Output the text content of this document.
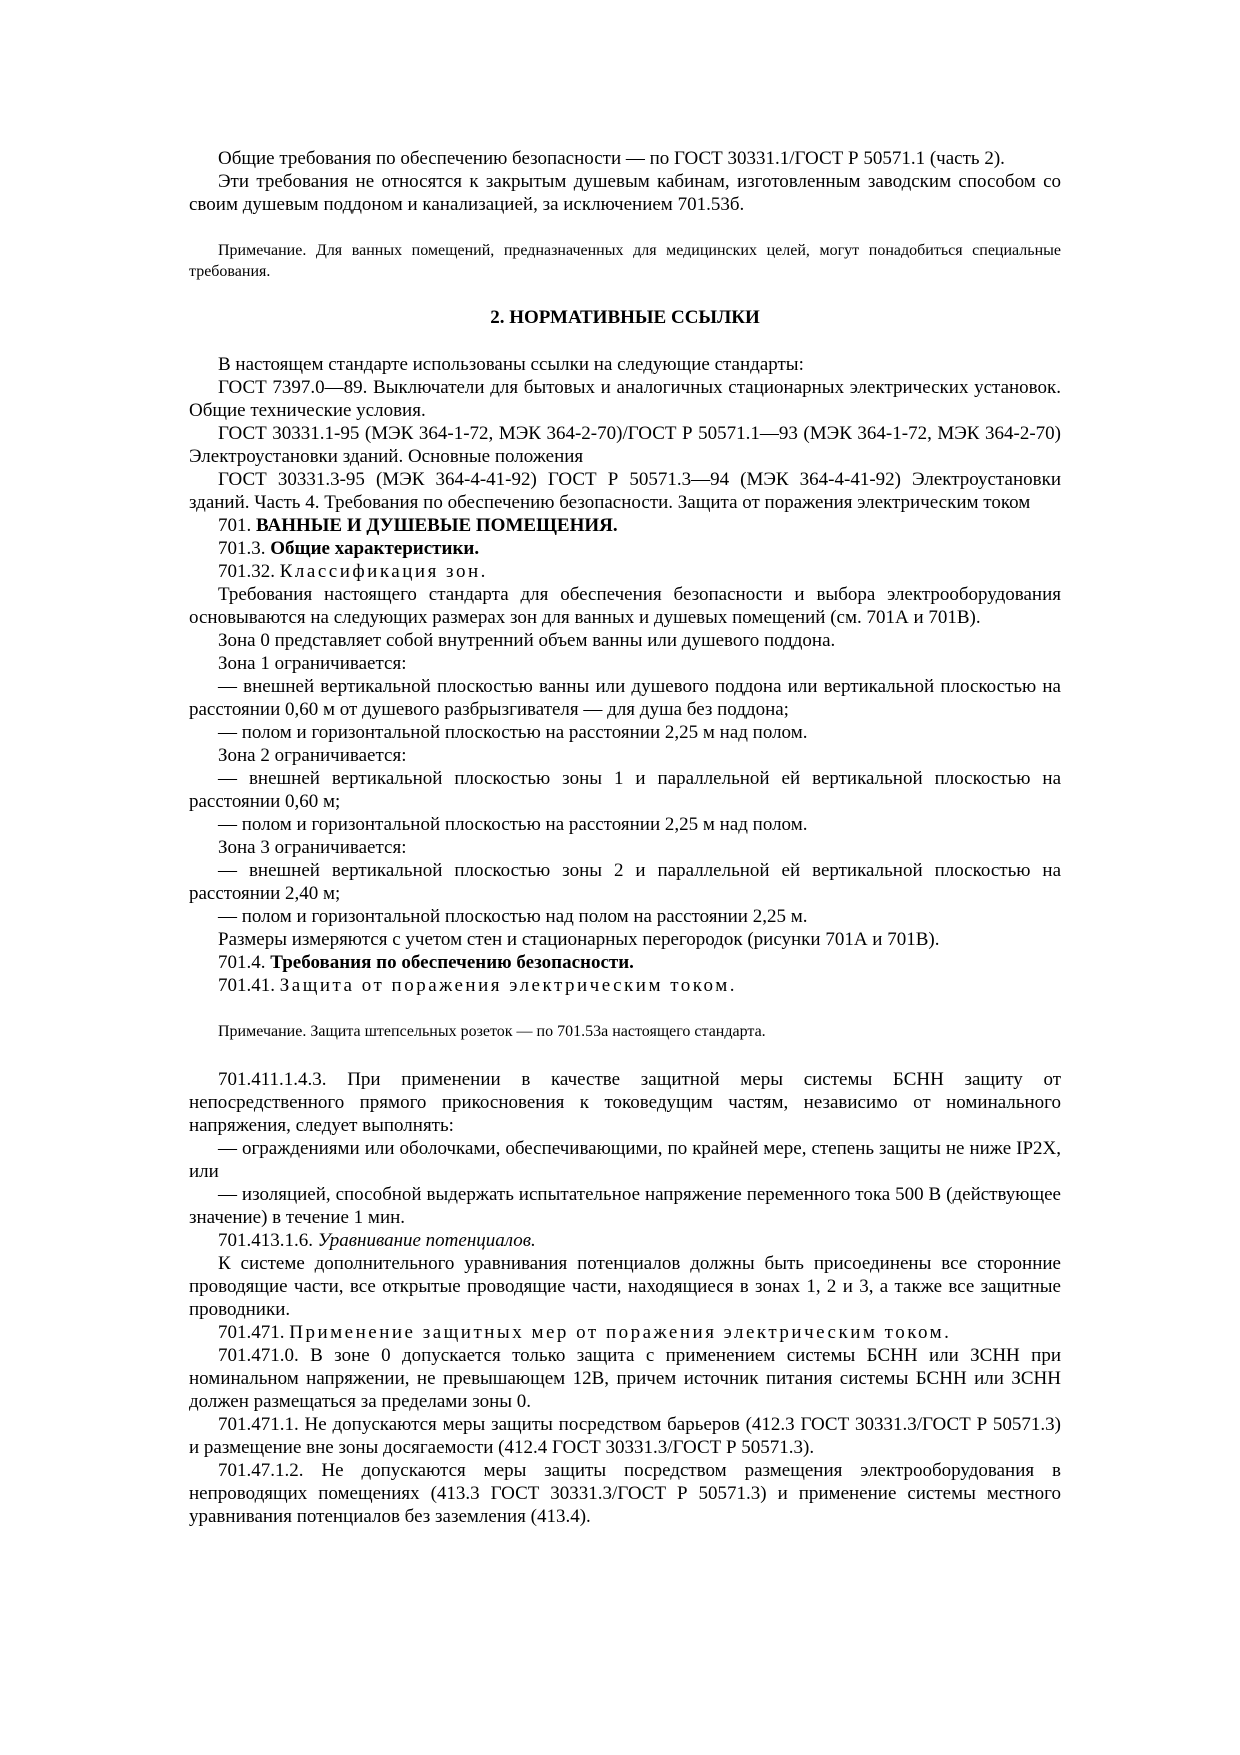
Общие требования по обеспечению безопасности — по ГОСТ 30331.1/ГОСТ Р 50571.1 (часть 2).

Эти требования не относятся к закрытым душевым кабинам, изготовленным заводским способом со своим душевым поддоном и канализацией, за исключением 701.53б.

Примечание. Для ванных помещений, предназначенных для медицинских целей, могут понадобиться специальные требования.

2. НОРМАТИВНЫЕ ССЫЛКИ

В настоящем стандарте использованы ссылки на следующие стандарты:

ГОСТ 7397.0—89. Выключатели для бытовых и аналогичных стационарных электрических установок. Общие технические условия.

ГОСТ 30331.1-95 (МЭК 364-1-72, МЭК 364-2-70)/ГОСТ Р 50571.1—93 (МЭК 364-1-72, МЭК 364-2-70) Электроустановки зданий. Основные положения

ГОСТ 30331.3-95 (МЭК 364-4-41-92) ГОСТ Р 50571.3—94 (МЭК 364-4-41-92) Электроустановки зданий. Часть 4. Требования по обеспечению безопасности. Защита от поражения электрическим током

701. ВАННЫЕ И ДУШЕВЫЕ ПОМЕЩЕНИЯ.

701.3. Общие характеристики.

701.32. Классификация зон.

Требования настоящего стандарта для обеспечения безопасности и выбора электрооборудования основываются на следующих размерах зон для ванных и душевых помещений (см. 701А и 701В).

Зона 0 представляет собой внутренний объем ванны или душевого поддона.

Зона 1 ограничивается:

— внешней вертикальной плоскостью ванны или душевого поддона или вертикальной плоскостью на расстоянии 0,60 м от душевого разбрызгивателя — для душа без поддона;

— полом и горизонтальной плоскостью на расстоянии 2,25 м над полом.

Зона 2 ограничивается:

— внешней вертикальной плоскостью зоны 1 и параллельной ей вертикальной плоскостью на расстоянии 0,60 м;

— полом и горизонтальной плоскостью на расстоянии 2,25 м над полом.

Зона 3 ограничивается:

— внешней вертикальной плоскостью зоны 2 и параллельной ей вертикальной плоскостью на расстоянии 2,40 м;

— полом и горизонтальной плоскостью над полом на расстоянии 2,25 м.

Размеры измеряются с учетом стен и стационарных перегородок (рисунки 701А и 701В).

701.4. Требования по обеспечению безопасности.

701.41. Защита от поражения электрическим током.

Примечание. Защита штепсельных розеток — по 701.53а настоящего стандарта.

701.411.1.4.3. При применении в качестве защитной меры системы БСНН защиту от непосредственного прямого прикосновения к токоведущим частям, независимо от номинального напряжения, следует выполнять:

— ограждениями или оболочками, обеспечивающими, по крайней мере, степень защиты не ниже IP2X, или

— изоляцией, способной выдержать испытательное напряжение переменного тока 500 В (действующее значение) в течение 1 мин.

701.413.1.6. Уравнивание потенциалов.

К системе дополнительного уравнивания потенциалов должны быть присоединены все сторонние проводящие части, все открытые проводящие части, находящиеся в зонах 1, 2 и 3, а также все защитные проводники.

701.471. Применение защитных мер от поражения электрическим током.

701.471.0. В зоне 0 допускается только защита с применением системы БСНН или ЗСНН при номинальном напряжении, не превышающем 12В, причем источник питания системы БСНН или ЗСНН должен размещаться за пределами зоны 0.

701.471.1. Не допускаются меры защиты посредством барьеров (412.3 ГОСТ 30331.3/ГОСТ Р 50571.3) и размещение вне зоны досягаемости (412.4 ГОСТ 30331.3/ГОСТ Р 50571.3).

701.47.1.2. Не допускаются меры защиты посредством размещения электрооборудования в непроводящих помещениях (413.3 ГОСТ 30331.3/ГОСТ Р 50571.3) и применение системы местного уравнивания потенциалов без заземления (413.4).
